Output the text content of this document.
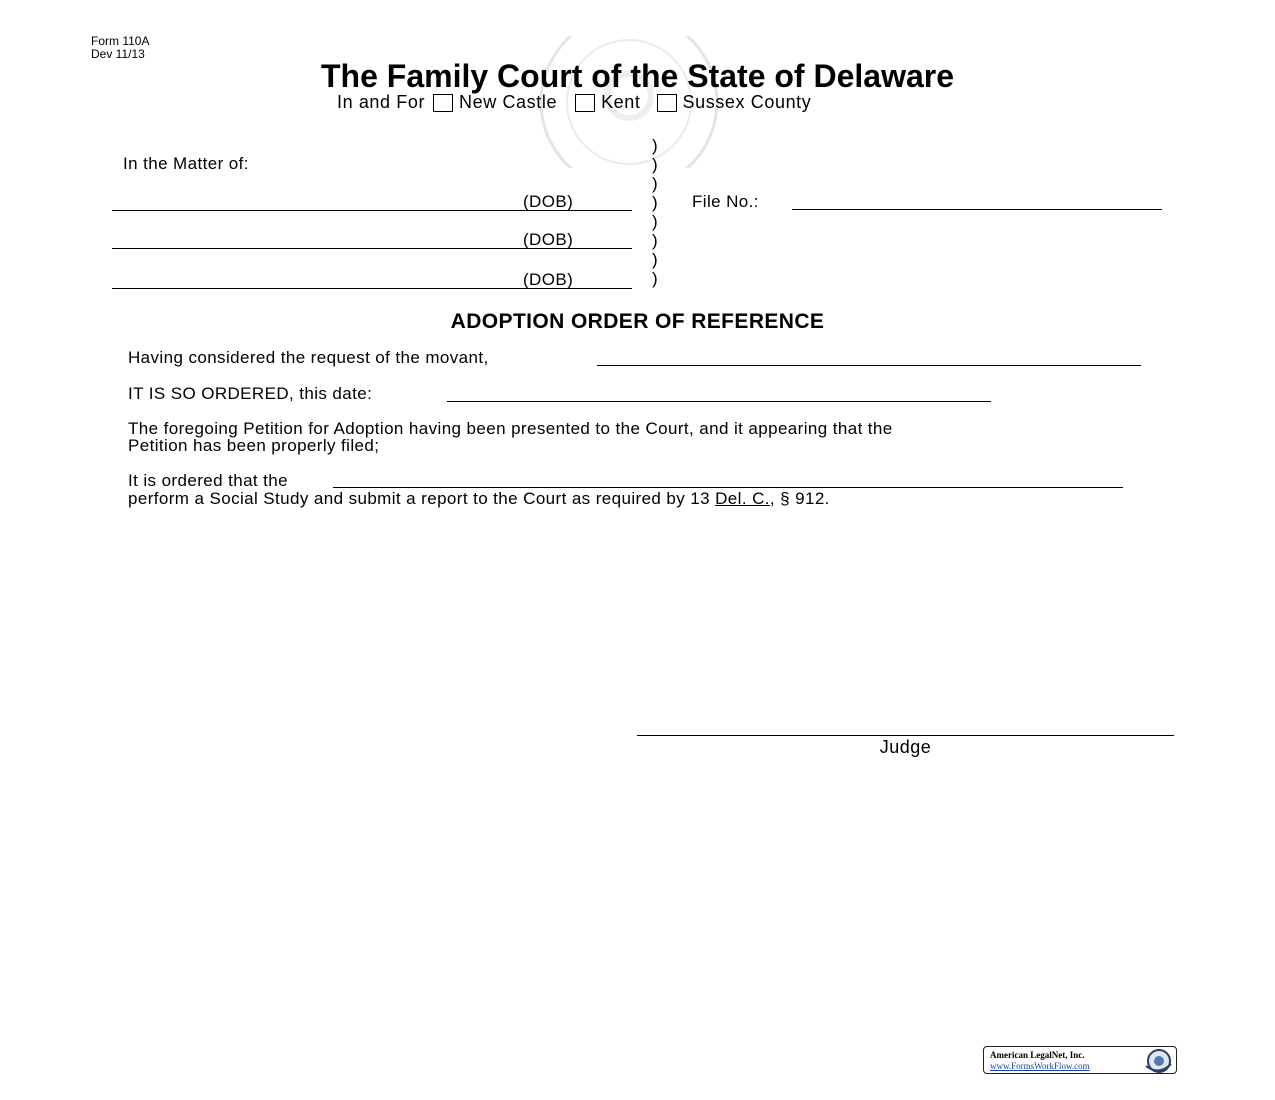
Form 110A
Dev 11/13
The Family Court of the State of Delaware
In and For New Castle Kent Sussex County
In the Matter of:
(DOB)
(DOB)
(DOB)
)
)
)
)
)
)
)
)
File No.:
ADOPTION ORDER OF REFERENCE
Having considered the request of the movant,
IT IS SO ORDERED, this date:
The foregoing Petition for Adoption having been presented to the Court, and it appearing that the
Petition has been properly filed;
It is ordered that the
perform a Social Study and submit a report to the Court as required by 13 Del. C., § 912.
Judge
American LegalNet, Inc.
www.FormsWorkFlow.com
